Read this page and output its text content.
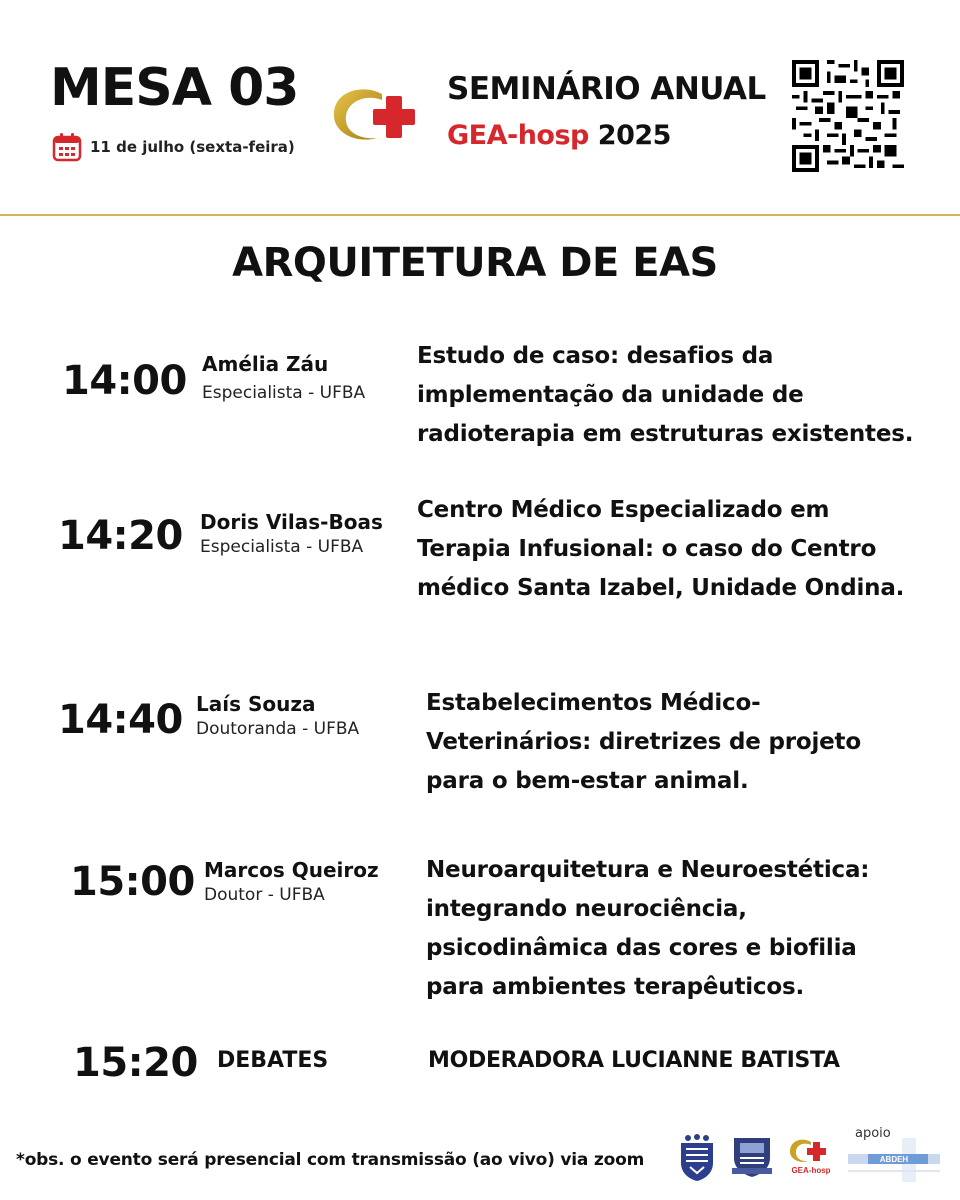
MESA 03
11 de julho (sexta-feira)
SEMINÁRIO ANUAL
GEA-hosp 2025
ARQUITETURA DE EAS
14:00 Amélia Záu
Especialista - UFBA
Estudo de caso: desafios da implementação da unidade de radioterapia em estruturas existentes.
14:20 Doris Vilas-Boas
Especialista - UFBA
Centro Médico Especializado em Terapia Infusional: o caso do Centro médico Santa Izabel, Unidade Ondina.
14:40 Laís Souza
Doutoranda - UFBA
Estabelecimentos Médico-Veterinários: diretrizes de projeto para o bem-estar animal.
15:00 Marcos Queiroz
Doutor - UFBA
Neuroarquitetura e Neuroestética: integrando neurociência, psicodinâmica das cores e biofilia para ambientes terapêuticos.
15:20 DEBATES	MODERADORA LUCIANNE BATISTA
*obs. o evento será presencial com transmissão (ao vivo) via zoom
GEA-hosp
apoio
ABDEH
